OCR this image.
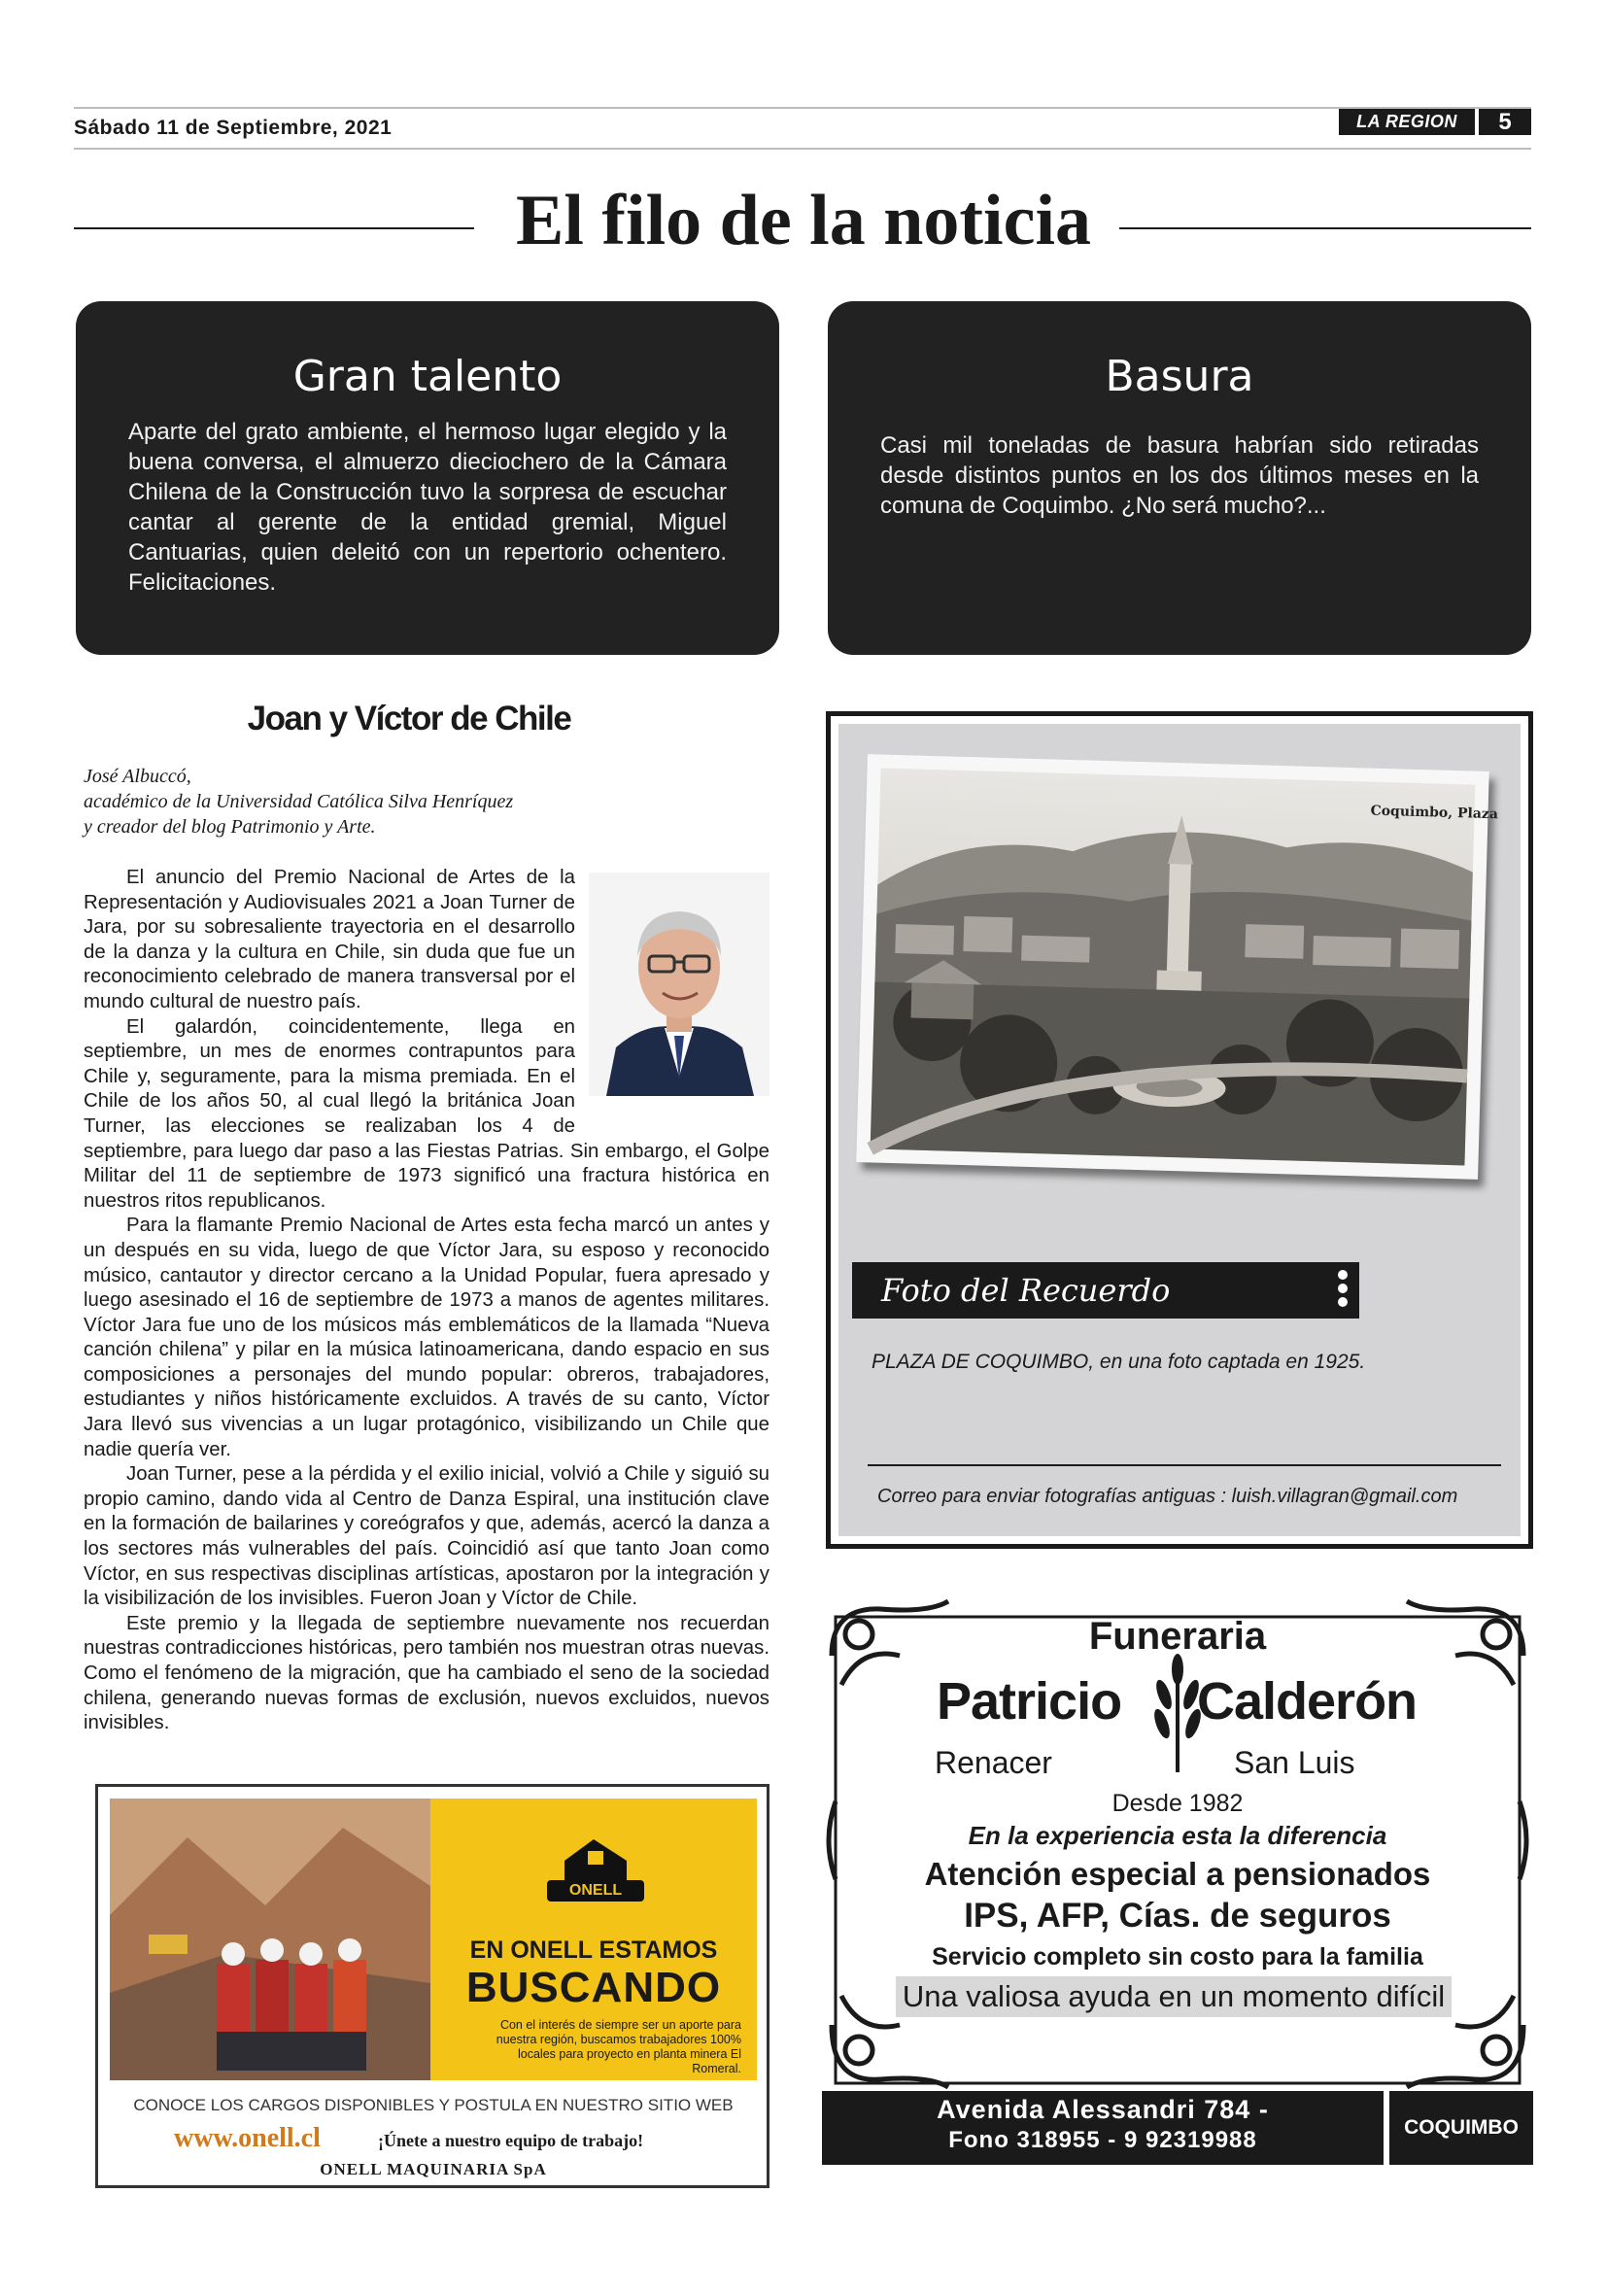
Sábado 11 de Septiembre, 2021	LA REGION	5
El filo de la noticia
Gran talento

Aparte del grato ambiente, el hermoso lugar elegido y la buena conversa, el almuerzo dieciochero de la Cámara Chilena de la Construcción tuvo la sorpresa de escuchar cantar al gerente de la entidad gremial, Miguel Cantuarias, quien deleitó con un repertorio ochentero. Felicitaciones.

Basura

Casi mil toneladas de basura habrían sido retiradas desde distintos puntos en los dos últimos meses en la comuna de Coquimbo. ¿No será mucho?...

Joan y Víctor de Chile
José Albuccó,
académico de la Universidad Católica Silva Henríquez
y creador del blog Patrimonio y Arte.

El anuncio del Premio Nacional de Artes de la Representación y Audiovisuales 2021 a Joan Turner de Jara, por su sobresaliente trayectoria en el desarrollo de la danza y la cultura en Chile, sin duda que fue un reconocimiento celebrado de manera transversal por el mundo cultural de nuestro país.

El galardón, coincidentemente, llega en septiembre, un mes de enormes contrapuntos para Chile y, seguramente, para la misma premiada. En el Chile de los años 50, al cual llegó la británica Joan Turner, las elecciones se realizaban los 4 de septiembre, para luego dar paso a las Fiestas Patrias. Sin embargo, el Golpe Militar del 11 de septiembre de 1973 significó una fractura histórica en nuestros ritos republicanos.

Para la flamante Premio Nacional de Artes esta fecha marcó un antes y un después en su vida, luego de que Víctor Jara, su esposo y reconocido músico, cantautor y director cercano a la Unidad Popular, fuera apresado y luego asesinado el 16 de septiembre de 1973 a manos de agentes militares. Víctor Jara fue uno de los músicos más emblemáticos de la llamada “Nueva canción chilena” y pilar en la música latinoamericana, dando espacio en sus composiciones a personajes del mundo popular: obreros, trabajadores, estudiantes y niños históricamente excluidos. A través de su canto, Víctor Jara llevó sus vivencias a un lugar protagónico, visibilizando un Chile que nadie quería ver.

Joan Turner, pese a la pérdida y el exilio inicial, volvió a Chile y siguió su propio camino, dando vida al Centro de Danza Espiral, una institución clave en la formación de bailarines y coreógrafos y que, además, acercó la danza a los sectores más vulnerables del país. Coincidió así que tanto Joan como Víctor, en sus respectivas disciplinas artísticas, apostaron por la integración y la visibilización de los invisibles. Fueron Joan y Víctor de Chile.

Este premio y la llegada de septiembre nuevamente nos recuerdan nuestras contradicciones históricas, pero también nos muestran otras nuevas. Como el fenómeno de la migración, que ha cambiado el seno de la sociedad chilena, generando nuevas formas de exclusión, nuevos excluidos, nuevos invisibles.

Coquimbo, Plaza
Foto del Recuerdo
PLAZA DE COQUIMBO, en una foto captada en 1925.
Correo para enviar fotografías antiguas : luish.villagran@gmail.com
ONELL
EN ONELL ESTAMOS
BUSCANDO
Con el interés de siempre ser un aporte para nuestra región, buscamos trabajadores 100% locales para proyecto en planta minera El Romeral.
CONOCE LOS CARGOS DISPONIBLES Y POSTULA EN NUESTRO SITIO WEB
www.onell.cl	¡Únete a nuestro equipo de trabajo!
ONELL MAQUINARIA SpA
Funeraria
Patricio Calderón
Renacer	San Luis
Desde 1982
En la experiencia esta la diferencia
Atención especial a pensionados
IPS, AFP, Cías. de seguros
Servicio completo sin costo para la familia
Una valiosa ayuda en un momento difícil
Avenida Alessandri 784 -
Fono 318955 - 9 92319988	COQUIMBO
